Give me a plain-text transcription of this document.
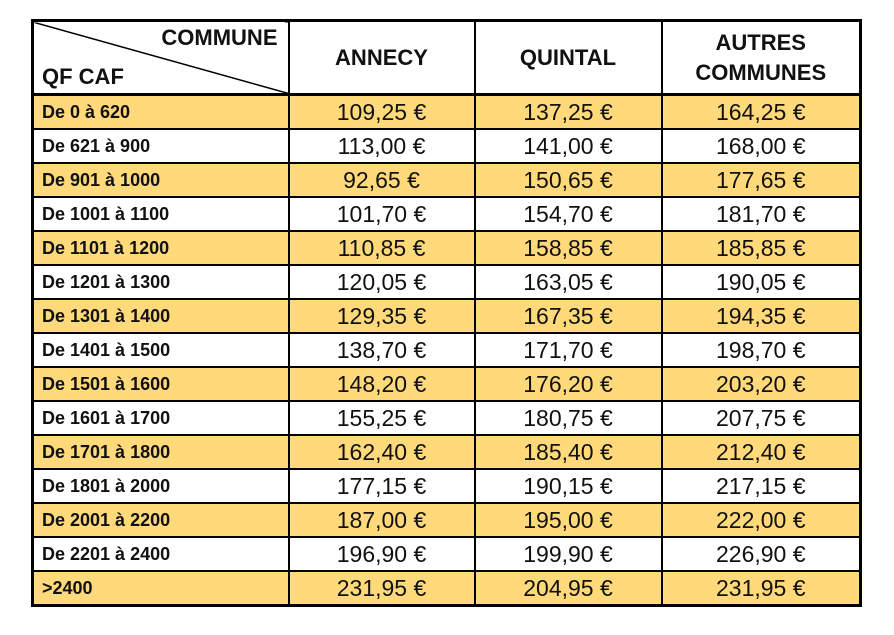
COMMUNE
QF CAF	ANNECY	QUINTAL	AUTRES COMMUNES
De 0 à 620	109,25 €	137,25 €	164,25 €
De 621 à 900	113,00 €	141,00 €	168,00 €
De 901 à 1000	92,65 €	150,65 €	177,65 €
De 1001 à 1100	101,70 €	154,70 €	181,70 €
De 1101 à 1200	110,85 €	158,85 €	185,85 €
De 1201 à 1300	120,05 €	163,05 €	190,05 €
De 1301 à 1400	129,35 €	167,35 €	194,35 €
De 1401 à 1500	138,70 €	171,70 €	198,70 €
De 1501 à 1600	148,20 €	176,20 €	203,20 €
De 1601 à 1700	155,25 €	180,75 €	207,75 €
De 1701 à 1800	162,40 €	185,40 €	212,40 €
De 1801 à 2000	177,15 €	190,15 €	217,15 €
De 2001 à 2200	187,00 €	195,00 €	222,00 €
De 2201 à 2400	196,90 €	199,90 €	226,90 €
>2400	231,95 €	204,95 €	231,95 €
